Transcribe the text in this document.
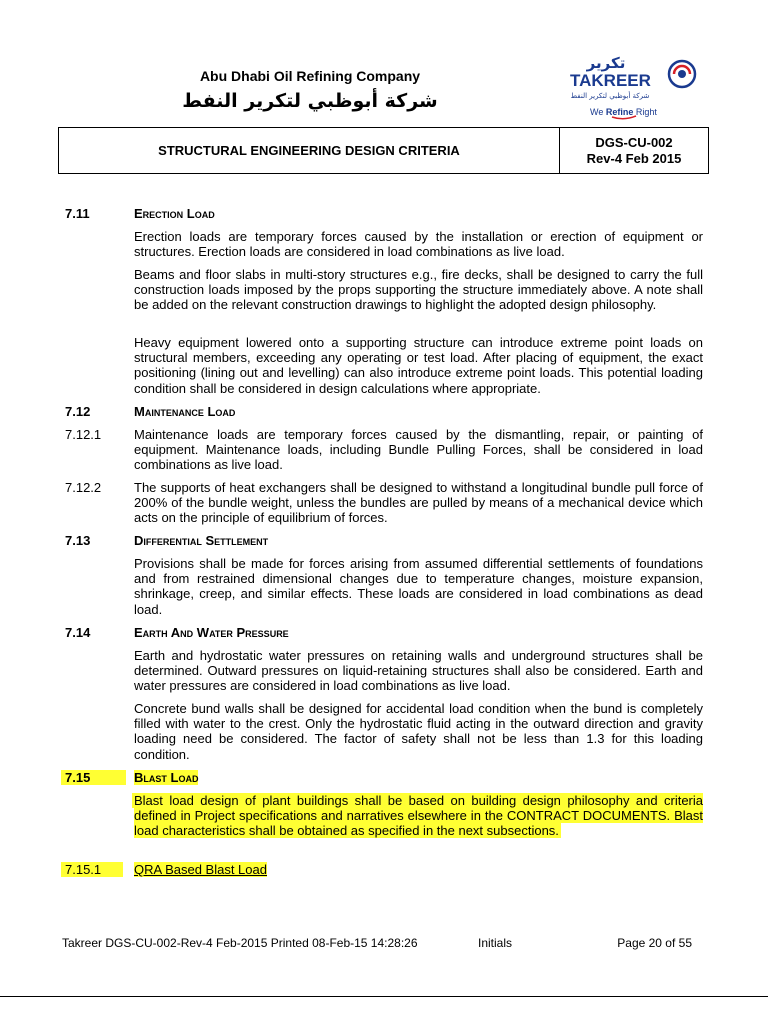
Abu Dhabi Oil Refining Company
شركة أبوظبي لتكرير النفط
تكرير
TAKREER
شركة أبوظبي لتكرير النفط
We Refine Right
STRUCTURAL ENGINEERING DESIGN CRITERIA
DGS-CU-002
Rev-4 Feb 2015
7.11	Erection Load
Erection loads are temporary forces caused by the installation or erection of equipment or structures. Erection loads are considered in load combinations as live load.
Beams and floor slabs in multi-story structures e.g., fire decks, shall be designed to carry the full construction loads imposed by the props supporting the structure immediately above. A note shall be added on the relevant construction drawings to highlight the adopted design philosophy.
Heavy equipment lowered onto a supporting structure can introduce extreme point loads on structural members, exceeding any operating or test load. After placing of equipment, the exact positioning (lining out and levelling) can also introduce extreme point loads. This potential loading condition shall be considered in design calculations where appropriate.
7.12	Maintenance Load
7.12.1	Maintenance loads are temporary forces caused by the dismantling, repair, or painting of equipment. Maintenance loads, including Bundle Pulling Forces, shall be considered in load combinations as live load.
7.12.2	The supports of heat exchangers shall be designed to withstand a longitudinal bundle pull force of 200% of the bundle weight, unless the bundles are pulled by means of a mechanical device which acts on the principle of equilibrium of forces.
7.13	Differential Settlement
Provisions shall be made for forces arising from assumed differential settlements of foundations and from restrained dimensional changes due to temperature changes, moisture expansion, shrinkage, creep, and similar effects. These loads are considered in load combinations as dead load.
7.14	Earth And Water Pressure
Earth and hydrostatic water pressures on retaining walls and underground structures shall be determined. Outward pressures on liquid-retaining structures shall also be considered. Earth and water pressures are considered in load combinations as live load.
Concrete bund walls shall be designed for accidental load condition when the bund is completely filled with water to the crest. Only the hydrostatic fluid acting in the outward direction and gravity loading need be considered. The factor of safety shall not be less than 1.3 for this loading condition.
7.15	Blast Load
Blast load design of plant buildings shall be based on building design philosophy and criteria defined in Project specifications and narratives elsewhere in the CONTRACT DOCUMENTS. Blast load characteristics shall be obtained as specified in the next subsections.
7.15.1	QRA Based Blast Load
Takreer DGS-CU-002-Rev-4 Feb-2015 Printed 08-Feb-15 14:28:26	Initials	Page 20 of 55
